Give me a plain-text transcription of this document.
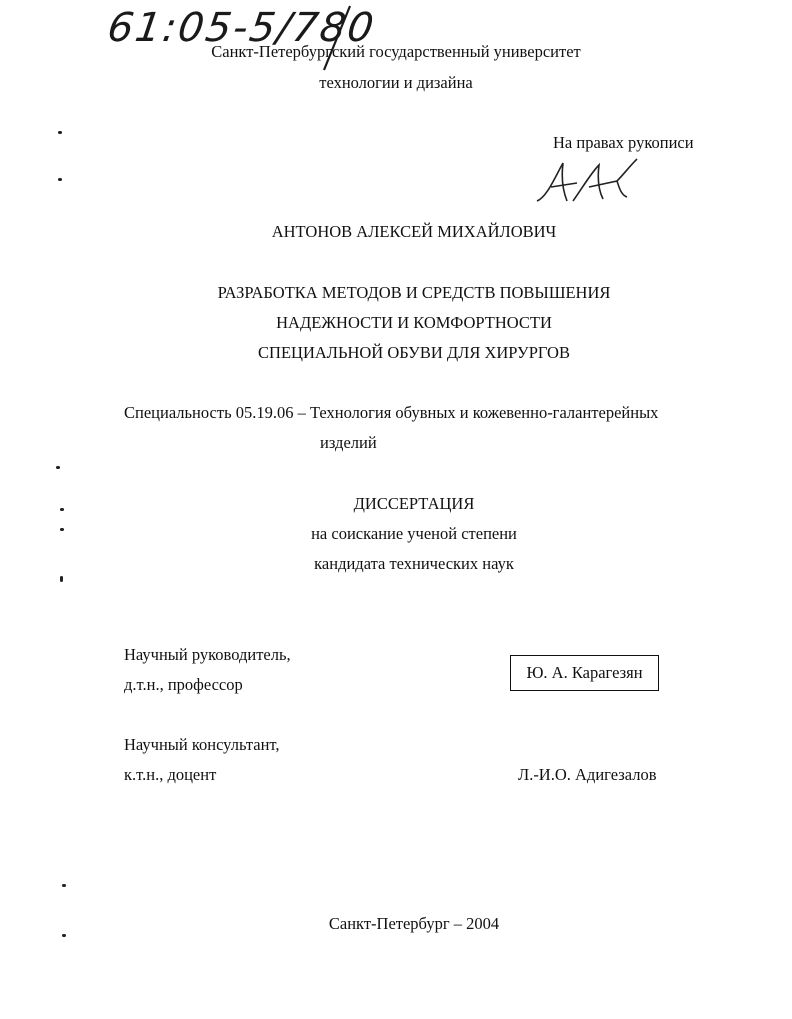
61:05-5/780
Санкт-Петербургский государственный университет
технологии и дизайна
На правах рукописи
АНТОНОВ АЛЕКСЕЙ МИХАЙЛОВИЧ
РАЗРАБОТКА МЕТОДОВ И СРЕДСТВ ПОВЫШЕНИЯ
НАДЕЖНОСТИ И КОМФОРТНОСТИ
СПЕЦИАЛЬНОЙ ОБУВИ ДЛЯ ХИРУРГОВ
Специальность 05.19.06 – Технология обувных и кожевенно-галантерейных
изделий
ДИССЕРТАЦИЯ
на соискание ученой степени
кандидата технических наук
Научный руководитель,
д.т.н., профессор
Ю. А. Карагезян
Научный консультант,
к.т.н., доцент	Л.-И.О. Адигезалов
Санкт-Петербург – 2004
